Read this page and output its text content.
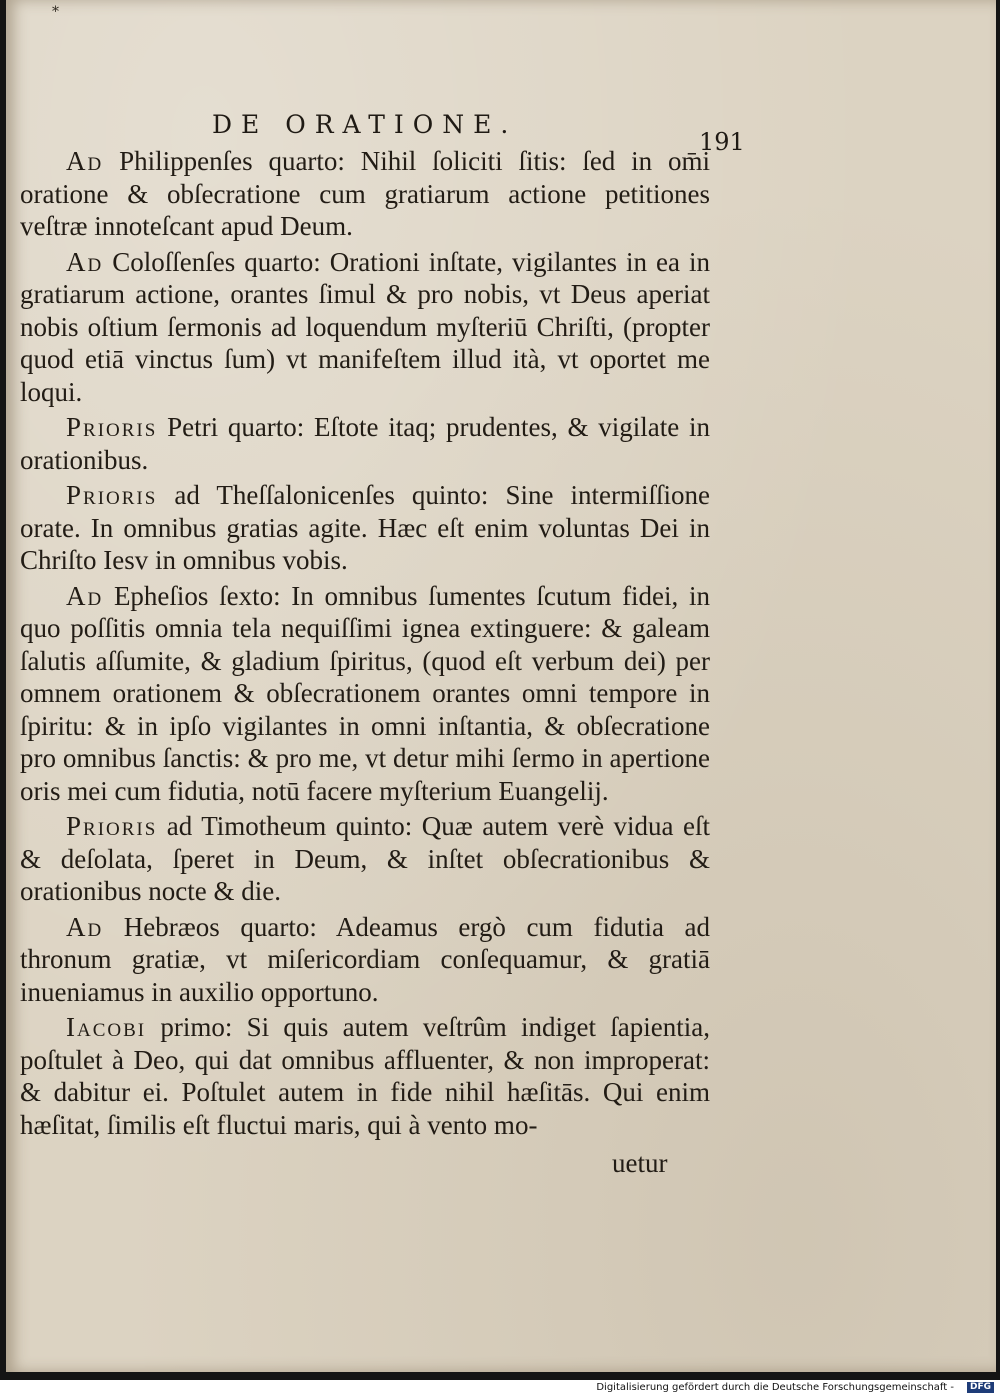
*
DE ORATIONE.
191

Ad Philippenſes quarto: Nihil ſoliciti ſitis: ſed in om̄i oratione & obſecratione cum gratiarum actione petitiones veſtræ innoteſcant apud Deum.

Ad Coloſſenſes quarto: Orationi inſtate, vigilantes in ea in gratiarum actione, orantes ſimul & pro nobis, vt Deus aperiat nobis oſtium ſermonis ad loquendum myſteriū Chriſti, (propter quod etiā vinctus ſum) vt manifeſtem illud ità, vt oportet me loqui.

Prioris Petri quarto: Eſtote itaq; prudentes, & vigilate in orationibus.

Prioris ad Theſſalonicenſes quinto: Sine intermiſſione orate. In omnibus gratias agite. Hæc eſt enim voluntas Dei in Chriſto Iesv in omnibus vobis.

Ad Epheſios ſexto: In omnibus ſumentes ſcutum fidei, in quo poſſitis omnia tela nequiſſimi ignea extinguere: & galeam ſalutis aſſumite, & gladium ſpiritus, (quod eſt verbum dei) per omnem orationem & obſecrationem orantes omni tempore in ſpiritu: & in ipſo vigilantes in omni inſtantia, & obſecratione pro omnibus ſanctis: & pro me, vt detur mihi ſermo in apertione oris mei cum fidutia, notū facere myſterium Euangelij.

Prioris ad Timotheum quinto: Quæ autem verè vidua eſt & deſolata, ſperet in Deum, & inſtet obſecrationibus & orationibus nocte & die.

Ad Hebræos quarto: Adeamus ergò cum fidutia ad thronum gratiæ, vt miſericordiam conſequamur, & gratiā inueniamus in auxilio opportuno.

Iacobi primo: Si quis autem veſtrûm indiget ſapientia, poſtulet à Deo, qui dat omnibus affluenter, & non improperat: & dabitur ei. Poſtulet autem in fide nihil hæſitās. Qui enim hæſitat, ſimilis eſt fluctui maris, qui à vento mo-

uetur
Digitalisierung gefördert durch die Deutsche Forschungsgemeinschaft -	DFG
